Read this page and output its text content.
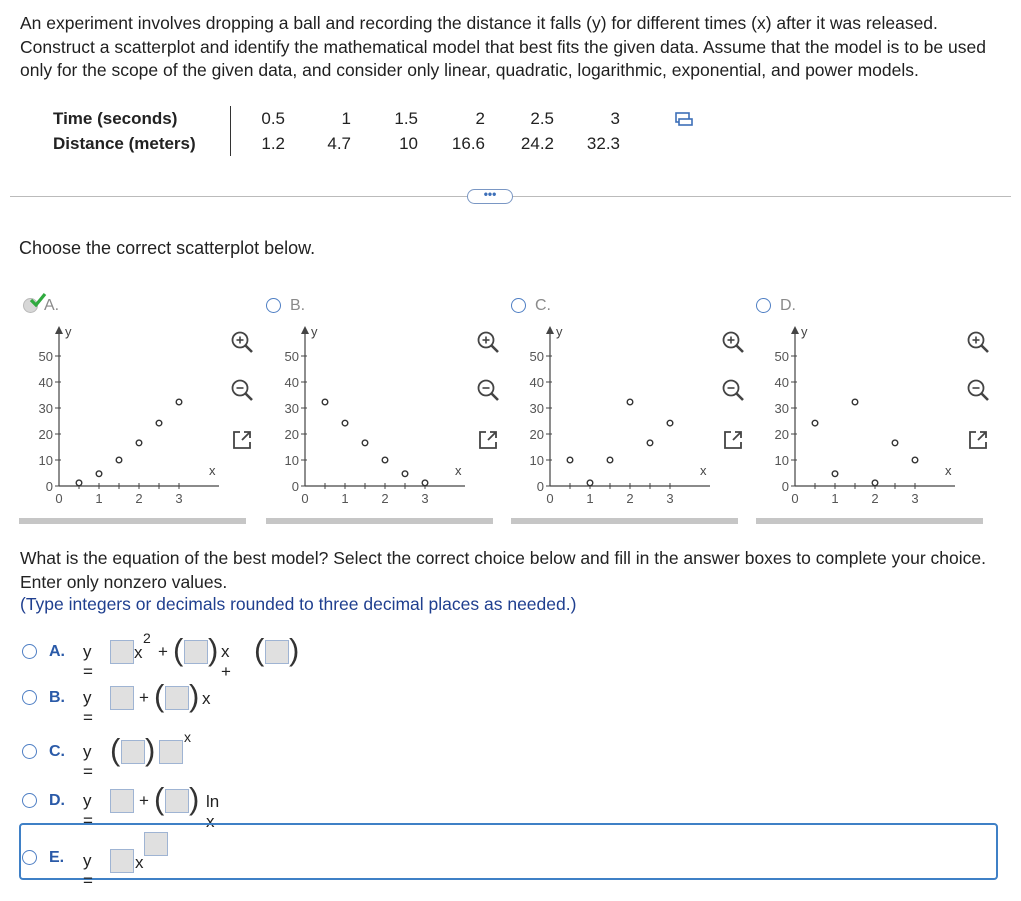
An experiment involves dropping a ball and recording the distance it falls (y) for different times (x) after it was released. Construct a scatterplot and identify the mathematical model that best fits the given data. Assume that the model is to be used only for the scope of the given data, and consider only linear, quadratic, logarithmic, exponential, and power models.
Time (seconds)		0.5	1	1.5	2	2.5	3
Distance (meters)		1.2	4.7	10	16.6	24.2	32.3
•••
Choose the correct scatterplot below.
A.
y
x
50
40
30
20
10
0
0	1	2	3
B.
y
x
50
40
30
20
10
0
0	1	2	3
C.
y
x
50
40
30
20
10
0
0	1	2	3
D.
y
x
50
40
30
20
10
0
0	1	2	3
What is the equation of the best model? Select the correct choice below and fill in the answer boxes to complete your choice. Enter only nonzero values.
(Type integers or decimals rounded to three decimal places as needed.)
A. y =
x
2
+ ( ) x +
( )
B. y =
+ ( ) x
C. y =
( ) x
D. y =
+ ( ) ln x
E. y =
x
